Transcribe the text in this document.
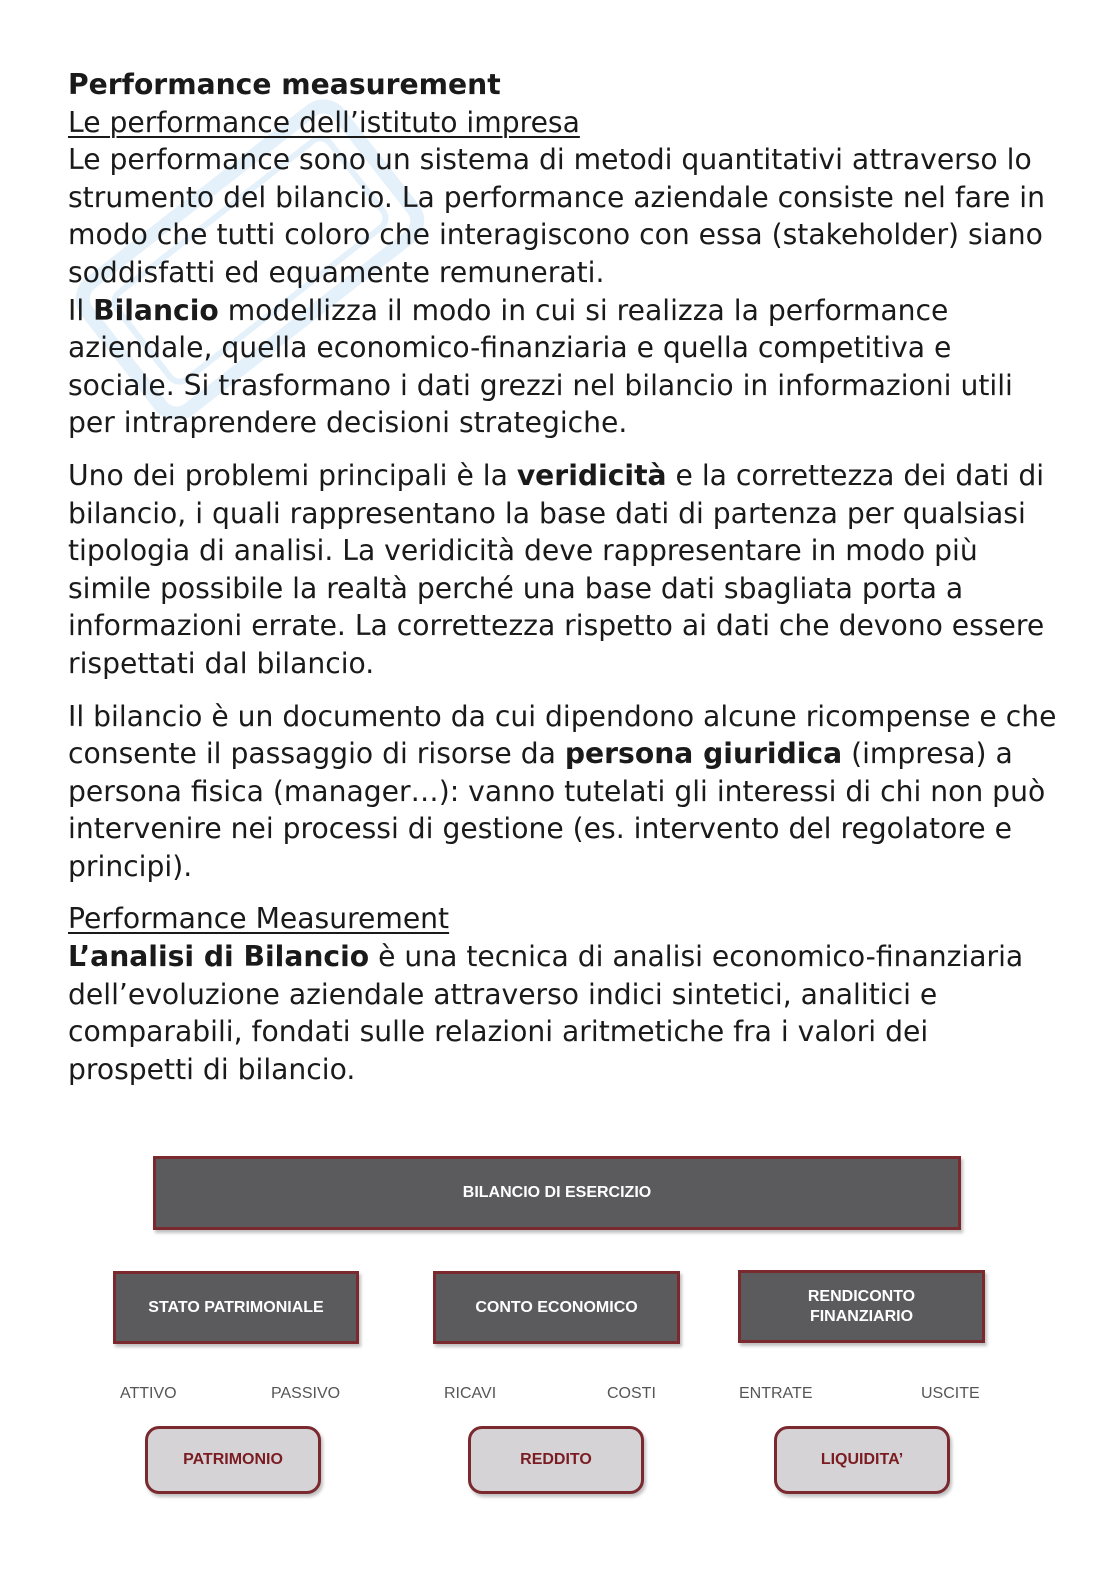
Performance measurement

Le performance dell’istituto impresa

Le performance sono un sistema di metodi quantitativi attraverso lo strumento del bilancio. La performance aziendale consiste nel fare in modo che tutti coloro che interagiscono con essa (stakeholder) siano soddisfatti ed equamente remunerati.

Il Bilancio modellizza il modo in cui si realizza la performance aziendale, quella economico-finanziaria e quella competitiva e sociale. Si trasformano i dati grezzi nel bilancio in informazioni utili per intraprendere decisioni strategiche.

Uno dei problemi principali è la veridicità e la correttezza dei dati di bilancio, i quali rappresentano la base dati di partenza per qualsiasi tipologia di analisi. La veridicità deve rappresentare in modo più simile possibile la realtà perché una base dati sbagliata porta a informazioni errate. La correttezza rispetto ai dati che devono essere rispettati dal bilancio.

Il bilancio è un documento da cui dipendono alcune ricompense e che consente il passaggio di risorse da persona giuridica (impresa) a persona fisica (manager…): vanno tutelati gli interessi di chi non può intervenire nei processi di gestione (es. intervento del regolatore e principi).

Performance Measurement

L’analisi di Bilancio è una tecnica di analisi economico-finanziaria dell’evoluzione aziendale attraverso indici sintetici, analitici e comparabili, fondati sulle relazioni aritmetiche fra i valori dei prospetti di bilancio.

BILANCIO DI ESERCIZIO
STATO PATRIMONIALE	CONTO ECONOMICO
RENDICONTO FINANZIARIO
ATTIVO	PASSIVO	RICAVI	COSTI	ENTRATE	USCITE
PATRIMONIO	REDDITO	LIQUIDITA’
